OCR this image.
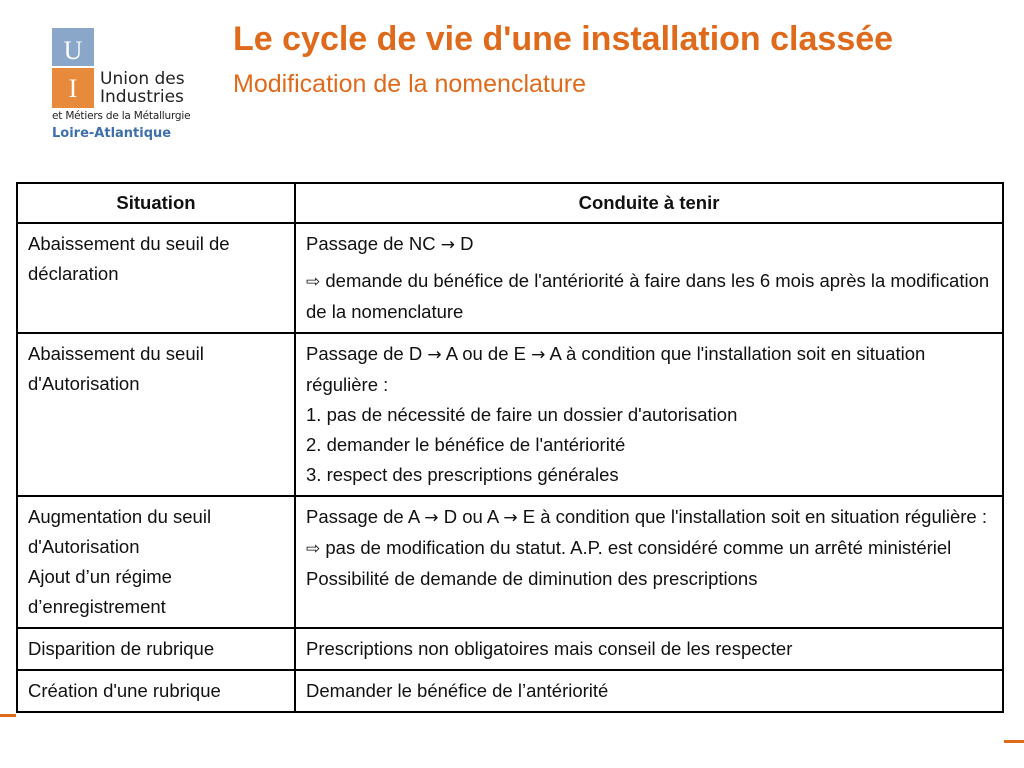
U
I	Union des
Industries
et Métiers de la Métallurgie
Loire-Atlantique
Le cycle de vie d'une installation classée
Modification de la nomenclature
Situation	Conduite à tenir
Abaissement du seuil de déclaration	Passage de NC → D
⇨ demande du bénéfice de l'antériorité à faire dans les 6 mois après la modification de la nomenclature

Abaissement du seuil d'Autorisation	Passage de D → A ou de E → A à condition que l'installation soit en situation régulière :
1. pas de nécessité de faire un dossier d'autorisation
2. demander le bénéfice de l'antériorité
3. respect des prescriptions générales

Augmentation du seuil d'Autorisation
Ajout d’un régime d’enregistrement	Passage de A → D ou A → E à condition que l'installation soit en situation régulière :
⇨ pas de modification du statut. A.P. est considéré comme un arrêté ministériel
Possibilité de demande de diminution des prescriptions

Disparition de rubrique	Prescriptions non obligatoires mais conseil de les respecter
Création d'une rubrique	Demander le bénéfice de l’antériorité
